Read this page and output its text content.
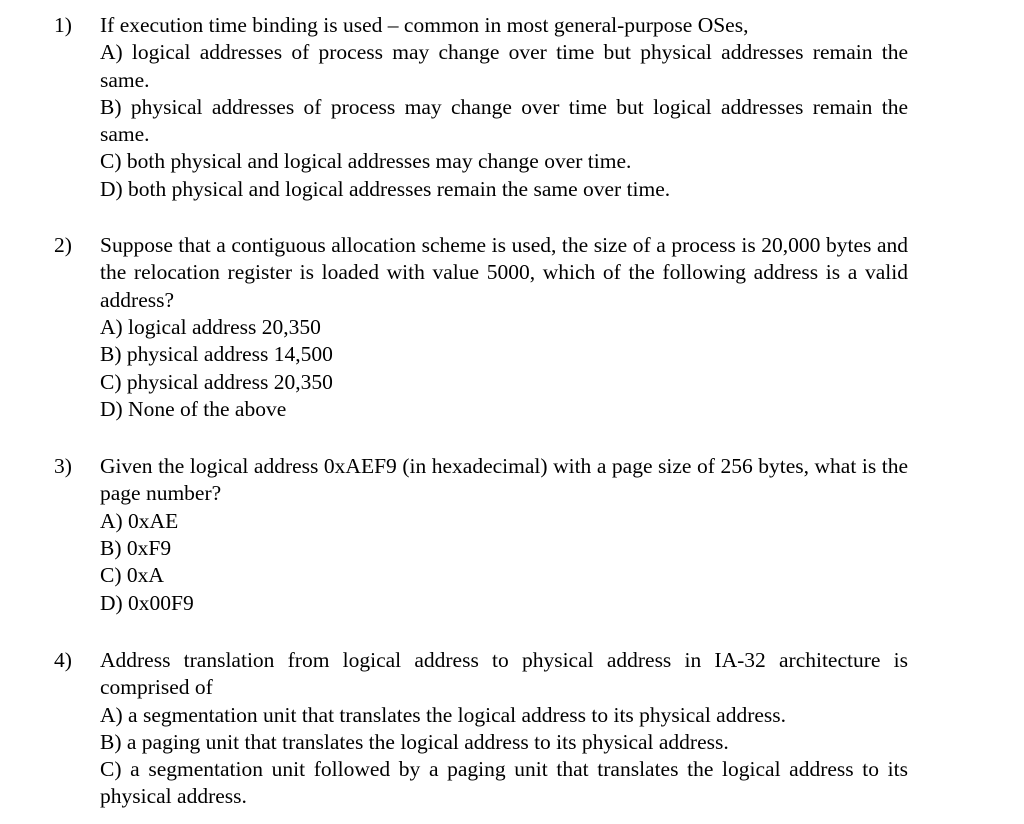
1) If execution time binding is used – common in most general-purpose OSes,

A) logical addresses of process may change over time but physical addresses remain the same.

B) physical addresses of process may change over time but logical addresses remain the same.

C) both physical and logical addresses may change over time.

D) both physical and logical addresses remain the same over time.

2) Suppose that a contiguous allocation scheme is used, the size of a process is 20,000 bytes and the relocation register is loaded with value 5000, which of the following address is a valid address?

A) logical address 20,350

B) physical address 14,500

C) physical address 20,350

D) None of the above

3) Given the logical address 0xAEF9 (in hexadecimal) with a page size of 256 bytes, what is the page number?

A) 0xAE

B) 0xF9

C) 0xA

D) 0x00F9

4) Address translation from logical address to physical address in IA-32 architecture is comprised of

A) a segmentation unit that translates the logical address to its physical address.

B) a paging unit that translates the logical address to its physical address.

C) a segmentation unit followed by a paging unit that translates the logical address to its physical address.
